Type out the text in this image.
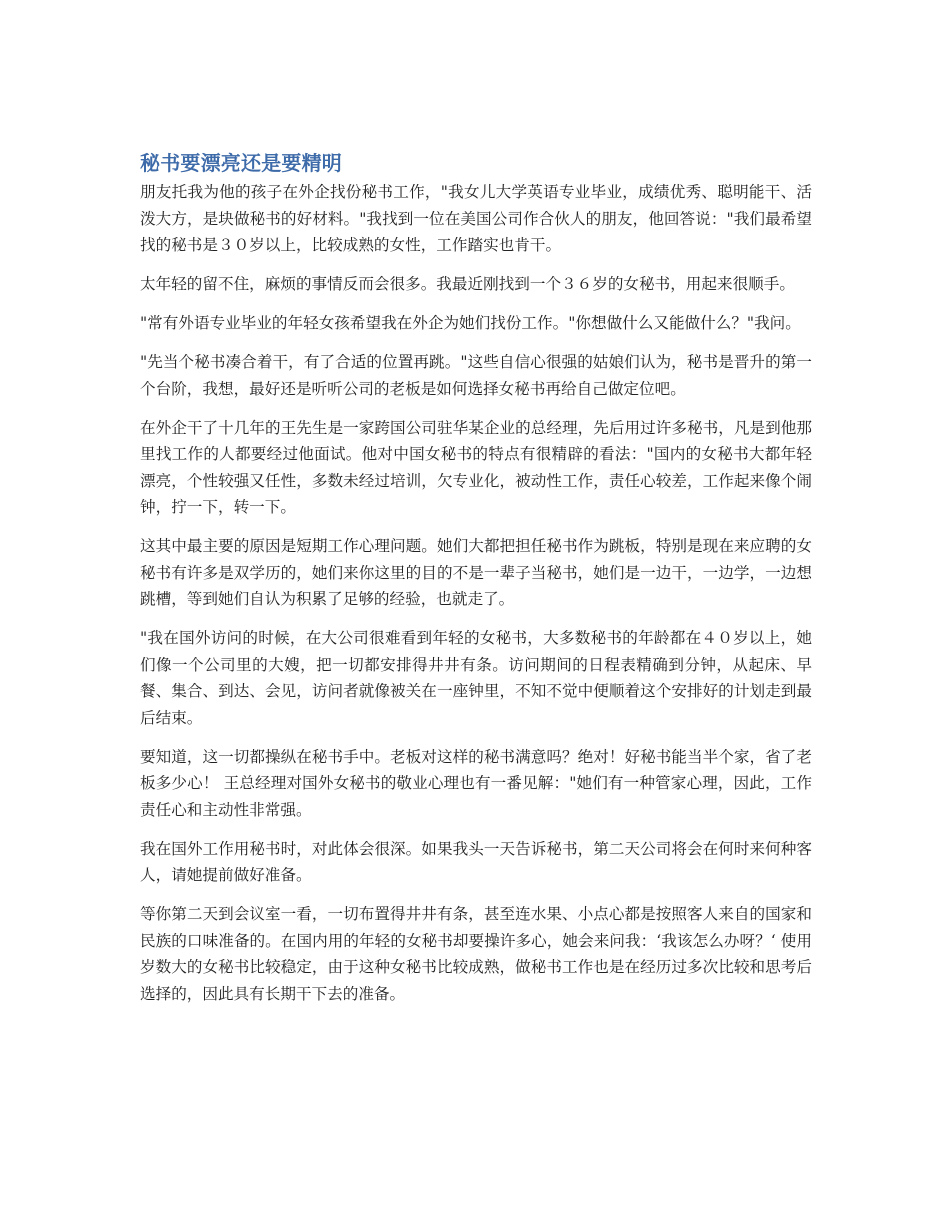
秘书要漂亮还是要精明

朋友托我为他的孩子在外企找份秘书工作，"我女儿大学英语专业毕业，成绩优秀、聪明能干、活泼大方，是块做秘书的好材料。"我找到一位在美国公司作合伙人的朋友，他回答说："我们最希望找的秘书是３０岁以上，比较成熟的女性，工作踏实也肯干。

太年轻的留不住，麻烦的事情反而会很多。我最近刚找到一个３６岁的女秘书，用起来很顺手。

"常有外语专业毕业的年轻女孩希望我在外企为她们找份工作。"你想做什么又能做什么？"我问。

"先当个秘书凑合着干，有了合适的位置再跳。"这些自信心很强的姑娘们认为，秘书是晋升的第一个台阶，我想，最好还是听听公司的老板是如何选择女秘书再给自己做定位吧。

在外企干了十几年的王先生是一家跨国公司驻华某企业的总经理，先后用过许多秘书，凡是到他那里找工作的人都要经过他面试。他对中国女秘书的特点有很精辟的看法："国内的女秘书大都年轻漂亮，个性较强又任性，多数未经过培训，欠专业化，被动性工作，责任心较差，工作起来像个闹钟，拧一下，转一下。

这其中最主要的原因是短期工作心理问题。她们大都把担任秘书作为跳板，特别是现在来应聘的女秘书有许多是双学历的，她们来你这里的目的不是一辈子当秘书，她们是一边干，一边学，一边想跳槽，等到她们自认为积累了足够的经验，也就走了。

"我在国外访问的时候，在大公司很难看到年轻的女秘书，大多数秘书的年龄都在４０岁以上，她们像一个公司里的大嫂，把一切都安排得井井有条。访问期间的日程表精确到分钟，从起床、早餐、集合、到达、会见，访问者就像被关在一座钟里，不知不觉中便顺着这个安排好的计划走到最后结束。

要知道，这一切都操纵在秘书手中。老板对这样的秘书满意吗？绝对！好秘书能当半个家，省了老板多少心！ 王总经理对国外女秘书的敬业心理也有一番见解："她们有一种管家心理，因此，工作责任心和主动性非常强。

我在国外工作用秘书时，对此体会很深。如果我头一天告诉秘书，第二天公司将会在何时来何种客人，请她提前做好准备。

等你第二天到会议室一看，一切布置得井井有条，甚至连水果、小点心都是按照客人来自的国家和民族的口味准备的。在国内用的年轻的女秘书却要操许多心，她会来问我：‘我该怎么办呀？‘ 使用岁数大的女秘书比较稳定，由于这种女秘书比较成熟，做秘书工作也是在经历过多次比较和思考后选择的，因此具有长期干下去的准备。
